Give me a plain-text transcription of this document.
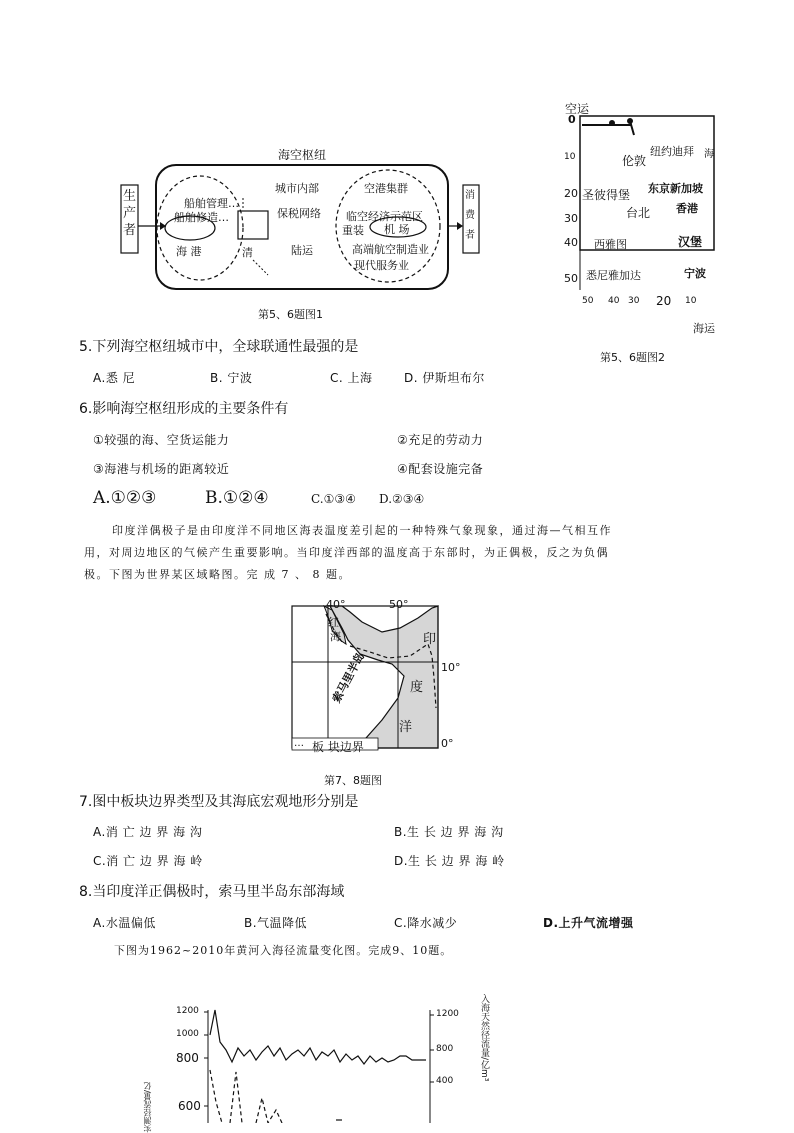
海空枢纽
生产者
消费者
船舶管理…
船舶修造…
海 港	清
城市内部
保税网络
陆运
空港集群
临空经济示范区
重装 机 场
高端航空制造业
现代服务业
第5、6题图1
空运
0
10
20
30
40
50
纽约迪拜 海
伦敦
东京新加坡
圣彼得堡
香港
台北
西雅图	汉堡
悉尼雅加达	宁波
50 40 30 20 10
海运
第5、6题图2
5.下列海空枢纽城市中，全球联通性最强的是
A.悉 尼	B. 宁波	C. 上海	D. 伊斯坦布尔
6.影响海空枢纽形成的主要条件有
①较强的海、空货运能力	②充足的劳动力
③海港与机场的距离较近	④配套设施完备
A.①②③	B.①②④	C.①③④ D.②③④
印度洋偶极子是由印度洋不同地区海表温度差引起的一种特殊气象现象，通过海—气相互作
用，对周边地区的气候产生重要影响。当印度洋西部的温度高于东部时，为正偶极，反之为负偶
极。下图为世界某区域略图。完 成 7 、 8 题。
40°	50°
10°
0°
红
海
索马里半岛
印
度
洋
板 块边界
…
第7、8题图
7.图中板块边界类型及其海底宏观地形分别是
A.消 亡 边 界 海 沟	B.生 长 边 界 海 沟
C.消 亡 边 界 海 岭	D.生 长 边 界 海 岭
8.当印度洋正偶极时，索马里半岛东部海域
A.水温偏低	B.气温降低	C.降水减少	D.上升气流增强
下图为1962~2010年黄河入海径流量变化图。完成9、10题。
1200
1000
800
600
1200
800
400	入海天然径流量/亿m³
实测径流量/亿
